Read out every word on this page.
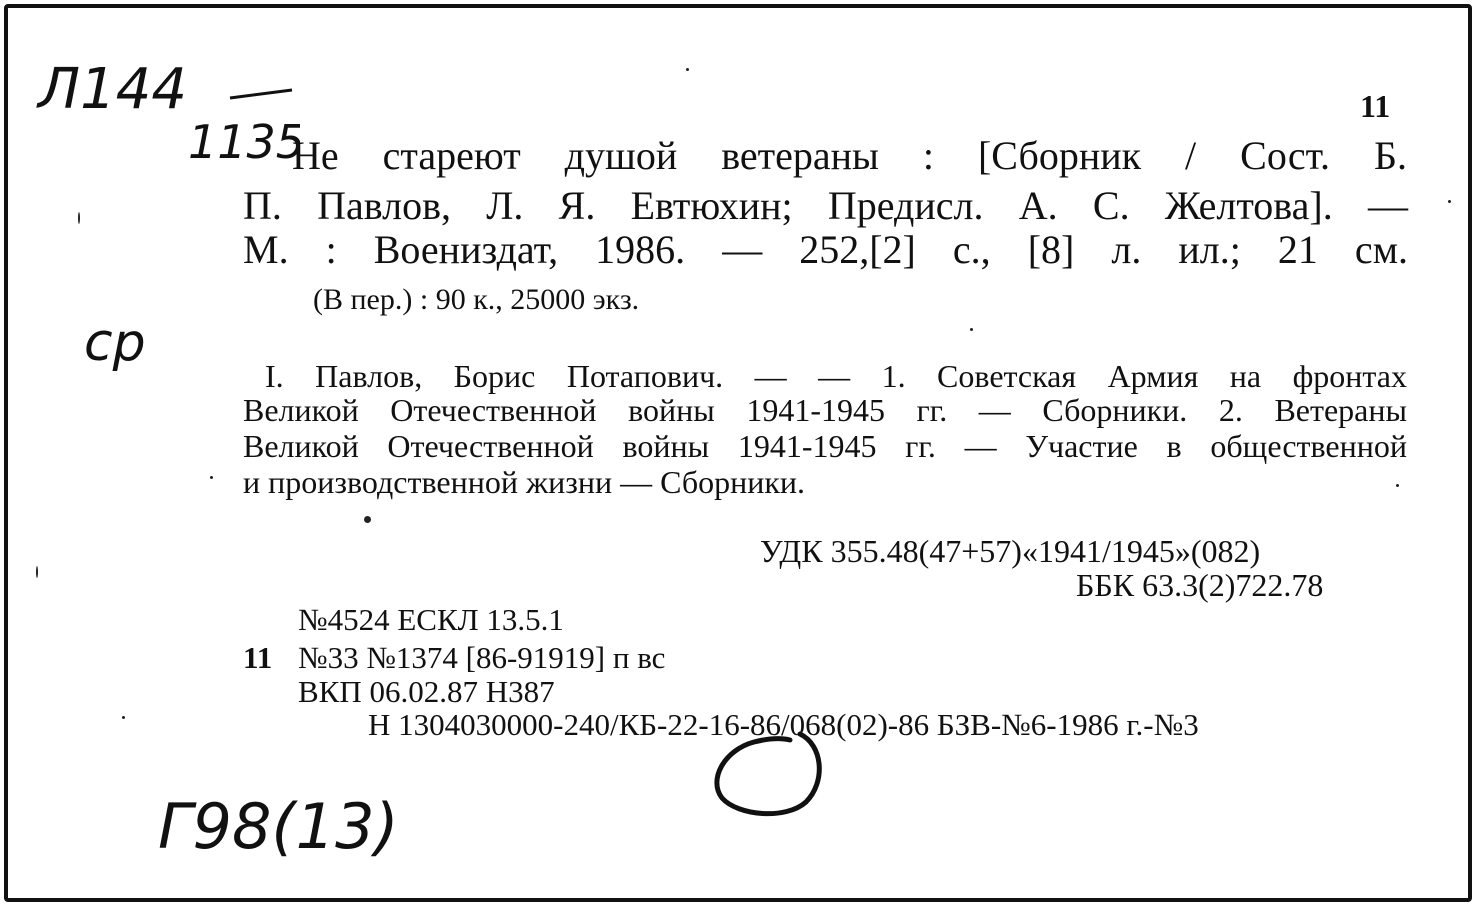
Л144
1135
ср
Г98(13)

11

Не стареют душой ветераны : [Сборник / Сост. Б.

П. Павлов, Л. Я. Евтюхин; Предисл. А. С. Желтова]. —

М. : Воениздат, 1986. — 252,[2] с., [8] л. ил.; 21 см.

(В пер.) : 90 к., 25000 экз.

I. Павлов, Борис Потапович. — — 1. Советская Армия на фронтах

Великой Отечественной войны 1941-1945 гг. — Сборники. 2. Ветераны

Великой Отечественной войны 1941-1945 гг. — Участие в общественной

и производственной жизни — Сборники.

УДК 355.48(47+57)«1941/1945»(082)

ББК 63.3(2)722.78

№4524 ЕСКЛ 13.5.1

11 №33 №1374 [86-91919] п вс

ВКП 06.02.87 Н387

Н 1304030000-240/КБ-22-16-86/068(02)-86 БЗВ-№6-1986 г.-№3
